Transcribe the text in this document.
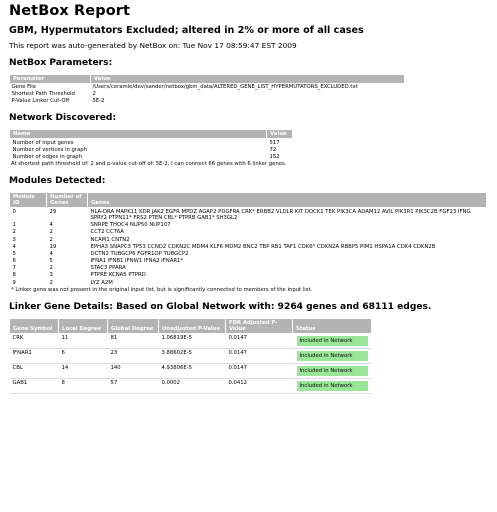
NetBox Report
GBM, Hypermutators Excluded; altered in 2% or more of all cases

This report was auto-generated by NetBox on: Tue Nov 17 08:59:47 EST 2009

NetBox Parameters:
Parameter	Value
Gene File	/Users/ceramie/dev/sander/netbox/gbm_data/ALTERED_GENE_LIST_HYPERMUTATORS_EXCLUDED.txt
Shortest Path Threshold	2
P-Value Linker Cut-Off	5E-2
Network Discovered:
Name	Value
Number of input genes	517
Number of vertices in graph	72
Number of edges in graph	152
At shortest path threshold of: 2 and p-value cut-off of: 5E-2, I can connect 66 genes with 6 linker genes.
Modules Detected:
Module ID	Number of Genes	Genes
0	29	HLA-DRA MAPK11 KDR JAK2 EGFR MPDZ AGAP2 PDGFRA CRK* ERBB2 VLDLR KIT DOCK1 TEK PIK3CA ADAM12 AVIL PIK3R1 PIK3C2B FGF23 IFNG SPRY2 PTPN11* FRS2 PTEN CBL* PTPRB GAB1* SH3GL2
1	4	SNRPE THOC4 NUP50 NUP107
2	2	CCT2 CCT6A
3	2	NCAM1 CNTN2
4	19	EPHA3 SNAPC3 TP53 CCND2 CDKN2C MDM4 KLF6 MDM2 BNC2 TBP RB1 TAF1 CDK6* CDKN2A RBBP5 PIM1 HSPA1A CDK4 CDKN2B
5	4	DCTN2 TUBGCP6 FGFR1OP TUBGCP2
6	5	IFNA1 IFNB1 IFNW1 IFNA2 IFNAR1*
7	2	STAC3 PPARA
8	3	PTPRE KCNA5 PTPRD
9	2	LYZ A2M
* Linker gene was not present in the original input list, but is significantly connected to members of the input list.
Linker Gene Details: Based on Global Network with: 9264 genes and 68111 edges.
Gene Symbol	Local Degree	Global Degree	Unadjusted P-Value	FDR Adjusted P-Value	Status
CRK	11	81	1.06819E-5	0.0147	Included in Network

IFNAR1	6	23	3.88602E-5	0.0147	Included in Network

CBL	14	140	4.93806E-5	0.0147	Included in Network

GAB1	8	57	0.0002	0.0412	Included in Network
